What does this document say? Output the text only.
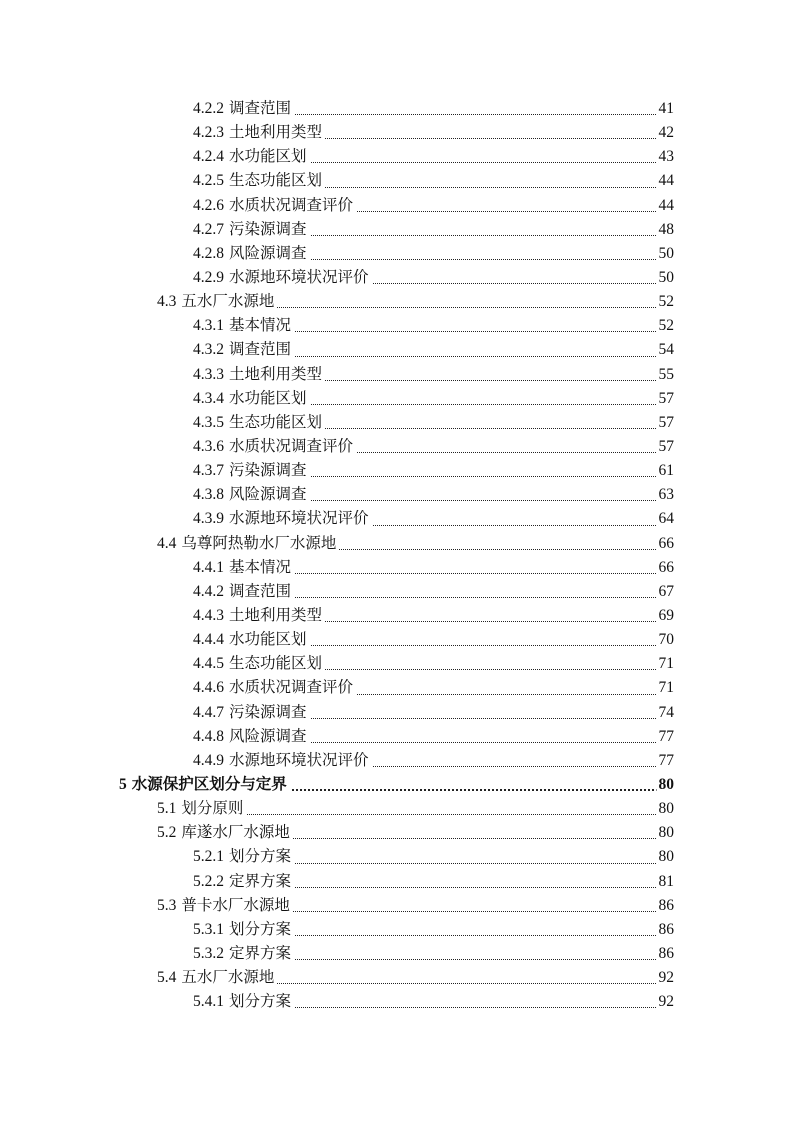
4.2.2 调查范围	41
4.2.3 土地利用类型	42
4.2.4 水功能区划	43
4.2.5 生态功能区划	44
4.2.6 水质状况调查评价	44
4.2.7 污染源调查	48
4.2.8 风险源调查	50
4.2.9 水源地环境状况评价	50
4.3 五水厂水源地	52
4.3.1 基本情况	52
4.3.2 调查范围	54
4.3.3 土地利用类型	55
4.3.4 水功能区划	57
4.3.5 生态功能区划	57
4.3.6 水质状况调查评价	57
4.3.7 污染源调查	61
4.3.8 风险源调查	63
4.3.9 水源地环境状况评价	64
4.4 乌尊阿热勒水厂水源地	66
4.4.1 基本情况	66
4.4.2 调查范围	67
4.4.3 土地利用类型	69
4.4.4 水功能区划	70
4.4.5 生态功能区划	71
4.4.6 水质状况调查评价	71
4.4.7 污染源调查	74
4.4.8 风险源调查	77
4.4.9 水源地环境状况评价	77
5 水源保护区划分与定界	80
5.1 划分原则	80
5.2 库遂水厂水源地	80
5.2.1 划分方案	80
5.2.2 定界方案	81
5.3 普卡水厂水源地	86
5.3.1 划分方案	86
5.3.2 定界方案	86
5.4 五水厂水源地	92
5.4.1 划分方案	92
